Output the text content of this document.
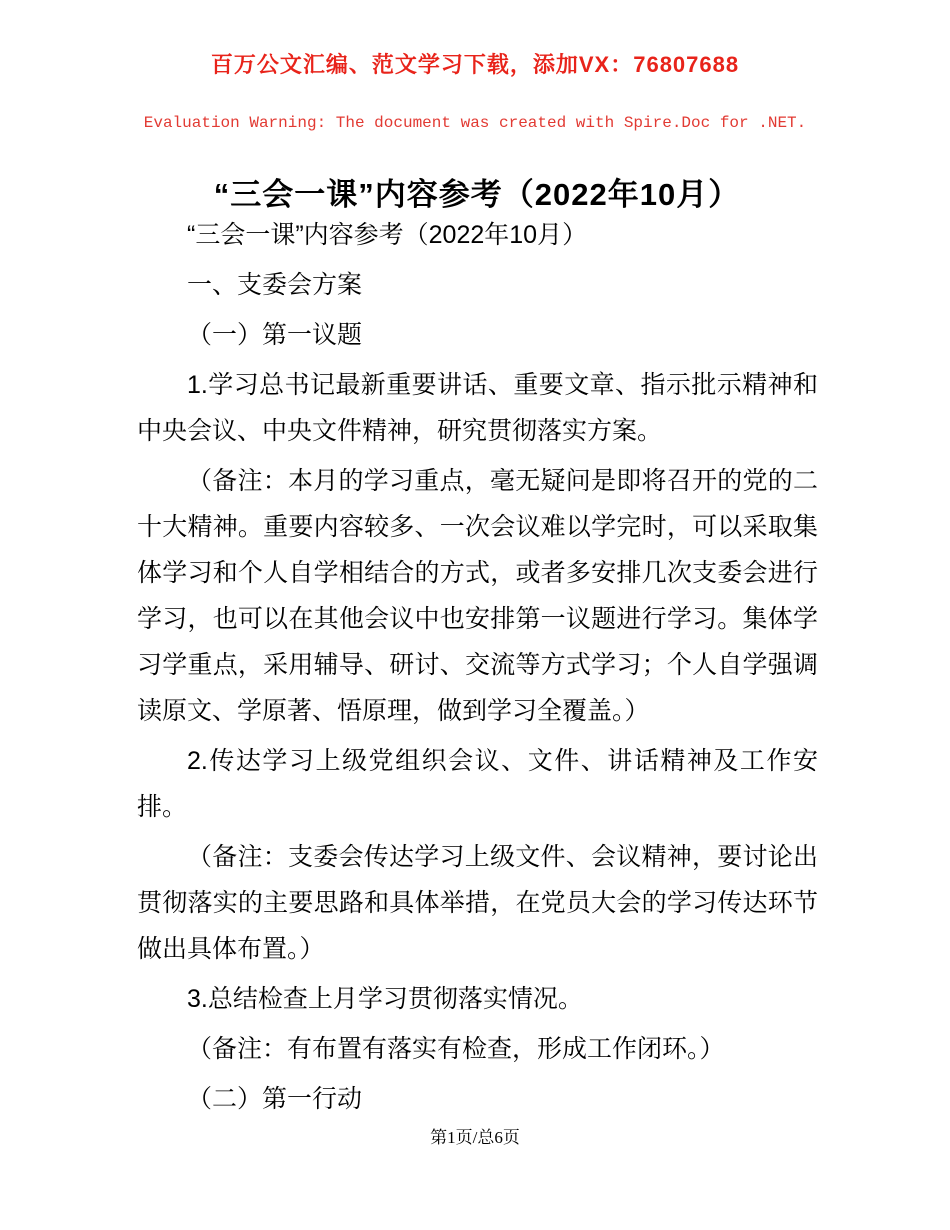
百万公文汇编、范文学习下载，添加VX：76807688
Evaluation Warning: The document was created with Spire.Doc for .NET.
“三会一课”内容参考（2022年10月）

“三会一课”内容参考（2022年10月）

一、支委会方案

（一）第一议题

1.学习总书记最新重要讲话、重要文章、指示批示精神和中央会议、中央文件精神，研究贯彻落实方案。

（备注：本月的学习重点，毫无疑问是即将召开的党的二十大精神。重要内容较多、一次会议难以学完时，可以采取集体学习和个人自学相结合的方式，或者多安排几次支委会进行学习，也可以在其他会议中也安排第一议题进行学习。集体学习学重点，采用辅导、研讨、交流等方式学习；个人自学强调读原文、学原著、悟原理，做到学习全覆盖。）

2.传达学习上级党组织会议、文件、讲话精神及工作安排。

（备注：支委会传达学习上级文件、会议精神，要讨论出贯彻落实的主要思路和具体举措，在党员大会的学习传达环节做出具体布置。）

3.总结检查上月学习贯彻落实情况。

（备注：有布置有落实有检查，形成工作闭环。）

（二）第一行动

第1页/总6页
